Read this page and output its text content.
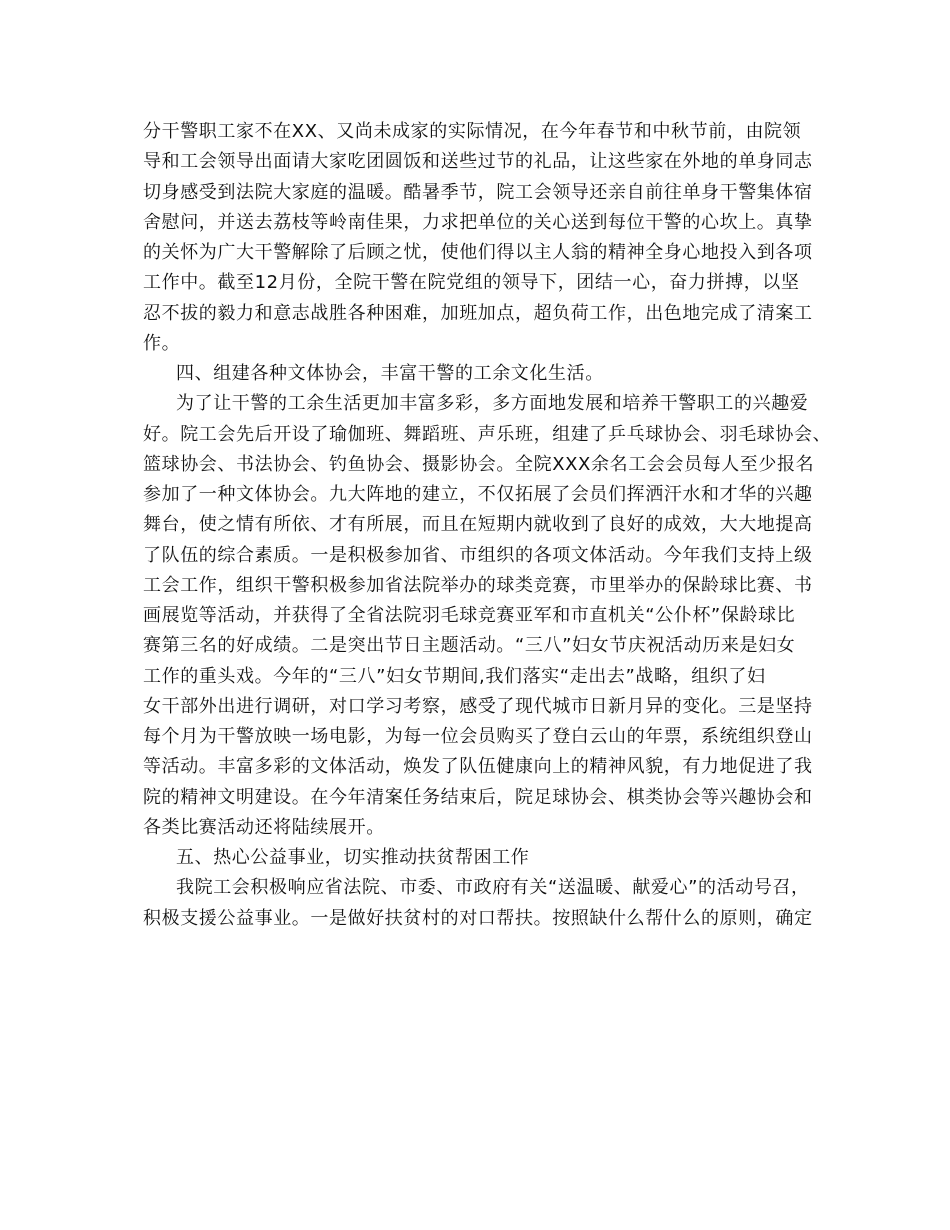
分干警职工家不在XX、又尚未成家的实际情况，在今年春节和中秋节前，由院领
导和工会领导出面请大家吃团圆饭和送些过节的礼品，让这些家在外地的单身同志
切身感受到法院大家庭的温暖。酷暑季节，院工会领导还亲自前往单身干警集体宿
舍慰问，并送去荔枝等岭南佳果，力求把单位的关心送到每位干警的心坎上。真挚
的关怀为广大干警解除了后顾之忧，使他们得以主人翁的精神全身心地投入到各项
工作中。截至12月份，全院干警在院党组的领导下，团结一心，奋力拼搏，以坚
忍不拔的毅力和意志战胜各种困难，加班加点，超负荷工作，出色地完成了清案工
作。
四、组建各种文体协会，丰富干警的工余文化生活。
为了让干警的工余生活更加丰富多彩，多方面地发展和培养干警职工的兴趣爱
好。院工会先后开设了瑜伽班、舞蹈班、声乐班，组建了乒乓球协会、羽毛球协会、
篮球协会、书法协会、钓鱼协会、摄影协会。全院XXX余名工会会员每人至少报名
参加了一种文体协会。九大阵地的建立，不仅拓展了会员们挥洒汗水和才华的兴趣
舞台，使之情有所依、才有所展，而且在短期内就收到了良好的成效，大大地提高
了队伍的综合素质。一是积极参加省、市组织的各项文体活动。今年我们支持上级
工会工作，组织干警积极参加省法院举办的球类竞赛，市里举办的保龄球比赛、书
画展览等活动，并获得了全省法院羽毛球竞赛亚军和市直机关“公仆杯”保龄球比
赛第三名的好成绩。二是突出节日主题活动。“三八”妇女节庆祝活动历来是妇女
工作的重头戏。今年的“三八”妇女节期间,我们落实“走出去”战略，组织了妇
女干部外出进行调研，对口学习考察，感受了现代城市日新月异的变化。三是坚持
每个月为干警放映一场电影，为每一位会员购买了登白云山的年票，系统组织登山
等活动。丰富多彩的文体活动，焕发了队伍健康向上的精神风貌，有力地促进了我
院的精神文明建设。在今年清案任务结束后，院足球协会、棋类协会等兴趣协会和
各类比赛活动还将陆续展开。
五、热心公益事业，切实推动扶贫帮困工作
我院工会积极响应省法院、市委、市政府有关“送温暖、献爱心”的活动号召，
积极支援公益事业。一是做好扶贫村的对口帮扶。按照缺什么帮什么的原则，确定
